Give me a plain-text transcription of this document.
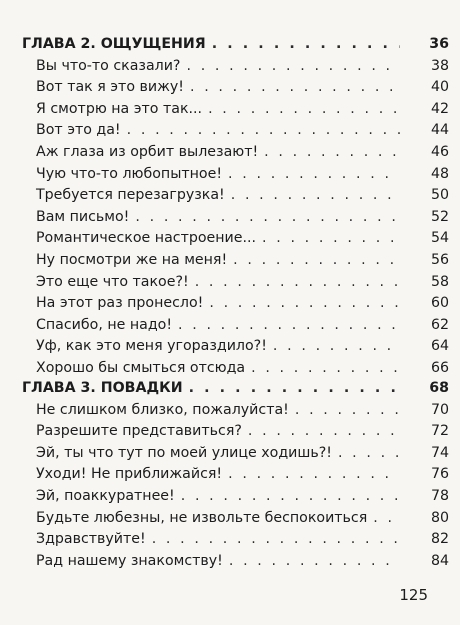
ГЛАВА 2. ОЩУЩЕНИЯ . . .	36
Вы что-то сказали? . . .	38
Вот так я это вижу! . . .	40
Я смотрю на это так... . . .	42
Вот это да! . . .	44
Аж глаза из орбит вылезают! . . .	46
Чую что-то любопытное! . . .	48
Требуется перезагрузка! . . .	50
Вам письмо! . . .	52
Романтическое настроение... . . .	54
Ну посмотри же на меня! . . .	56
Это еще что такое?! . . .	58
На этот раз пронесло! . . .	60
Спасибо, не надо! . . .	62
Уф, как это меня угораздило?! . . .	64
Хорошо бы смыться отсюда . . .	66
ГЛАВА 3. ПОВАДКИ . . .	68
Не слишком близко, пожалуйста! . . .	70
Разрешите представиться? . . .	72
Эй, ты что тут по моей улице ходишь?! . . .	74
Уходи! Не приближайся! . . .	76
Эй, поаккуратнее! . . .	78
Будьте любезны, не извольте беспокоиться . . .	80
Здравствуйте! . . .	82
Рад нашему знакомству! . . .	84
125
